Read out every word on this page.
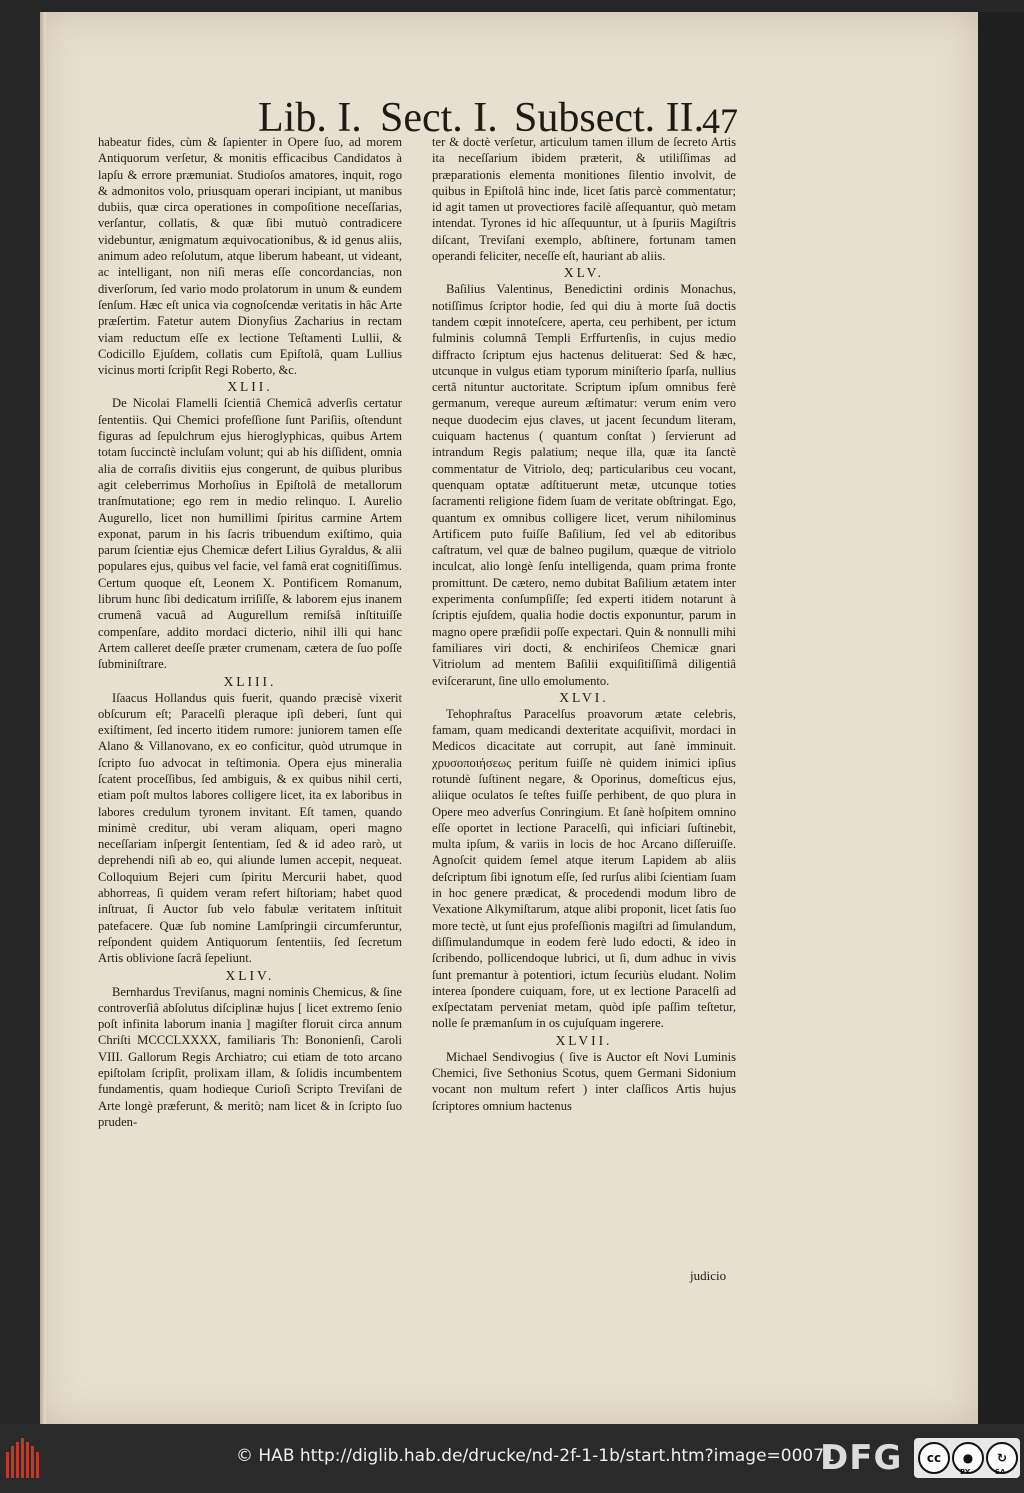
Lib. I. Sect. I. Subsect. II.
47

habeatur fides, cùm & ſapienter in Opere ſuo, ad morem Antiquorum verſetur, & monitis efficacibus Candidatos à lapſu & errore præmuniat. Studioſos amatores, inquit, rogo & admonitos volo, priusquam operari incipiant, ut manibus dubiis, quæ circa operationes in compoſitione neceſſarias, verſantur, collatis, & quæ ſibi mutuò contradicere videbuntur, ænigmatum æquivocationibus, & id genus aliis, animum adeo reſolutum, atque liberum habeant, ut videant, ac intelligant, non niſi meras eſſe concordancias, non diverſorum, ſed vario modo prolatorum in unum & eundem ſenſum. Hæc eſt unica via cognoſcendæ veritatis in hâc Arte præſertim. Fatetur autem Dionyſius Zacharius in rectam viam reductum eſſe ex lectione Teſtamenti Lullii, & Codicillo Ejuſdem, collatis cum Epiſtolâ, quam Lullius vicinus morti ſcripſit Regi Roberto, &c.

XLII.

De Nicolai Flamelli ſcientiâ Chemicâ adverſis certatur ſententiis. Qui Chemici profeſſione ſunt Pariſiis, oſtendunt figuras ad ſepulchrum ejus hieroglyphicas, quibus Artem totam ſuccinctè incluſam volunt; qui ab his diſſident, omnia alia de corraſis divitiis ejus congerunt, de quibus pluribus agit celeberrimus Morhoſius in Epiſtolâ de metallorum tranſmutatione; ego rem in medio relinquo. I. Aurelio Augurello, licet non humillimi ſpiritus carmine Artem exponat, parum in his ſacris tribuendum exiſtimo, quia parum ſcientiæ ejus Chemicæ defert Lilius Gyraldus, & alii populares ejus, quibus vel facie, vel famâ erat cognitiſſimus. Certum quoque eſt, Leonem X. Pontificem Romanum, librum hunc ſibi dedicatum irriſiſſe, & laborem ejus inanem crumenâ vacuâ ad Augurellum remiſsâ inſtituiſſe compenſare, addito mordaci dicterio, nihil illi qui hanc Artem calleret deeſſe præter crumenam, cætera de ſuo poſſe ſubminiſtrare.

XLIII.

Iſaacus Hollandus quis fuerit, quando præcisè vixerit obſcurum eſt; Paracelſi pleraque ipſi deberi, ſunt qui exiſtiment, ſed incerto itidem rumore: juniorem tamen eſſe Alano & Villanovano, ex eo conficitur, quòd utrumque in ſcripto ſuo advocat in teſtimonia. Opera ejus mineralia ſcatent proceſſibus, ſed ambiguis, & ex quibus nihil certi, etiam poſt multos labores colligere licet, ita ex laboribus in labores credulum tyronem invitant. Eſt tamen, quando minimè creditur, ubi veram aliquam, operi magno neceſſariam inſpergit ſententiam, ſed & id adeo rarò, ut deprehendi niſi ab eo, qui aliunde lumen accepit, nequeat. Colloquium Bejeri cum ſpiritu Mercurii habet, quod abhorreas, ſi quidem veram refert hiſtoriam; habet quod inſtruat, ſi Auctor ſub velo fabulæ veritatem inſtituit patefacere. Quæ ſub nomine Lamſpringii circumferuntur, reſpondent quidem Antiquorum ſententiis, ſed ſecretum Artis oblivione ſacrâ ſepeliunt.

XLIV.

Bernhardus Treviſanus, magni nominis Chemicus, & ſine controverſiâ abſolutus diſciplinæ hujus [ licet extremo ſenio poſt infinita laborum inania ] magiſter floruit circa annum Chriſti MCCCLXXXX, familiaris Th: Bononienſi, Caroli VIII. Gallorum Regis Archiatro; cui etiam de toto arcano epiſtolam ſcripſit, prolixam illam, & ſolidis incumbentem fundamentis, quam hodieque Curioſi Scripto Treviſani de Arte longè præferunt, & meritò; nam licet & in ſcripto ſuo pruden-

ter & doctè verſetur, articulum tamen illum de ſecreto Artis ita neceſſarium ibidem præterit, & utiliſſimas ad præparationis elementa monitiones ſilentio involvit, de quibus in Epiſtolâ hinc inde, licet ſatis parcè commentatur; id agit tamen ut provectiores facilè aſſequantur, quò metam intendat. Tyrones id hic aſſequuntur, ut à ſpuriis Magiſtris diſcant, Treviſani exemplo, abſtinere, fortunam tamen operandi feliciter, neceſſe eſt, hauriant ab aliis.

XLV.

Baſilius Valentinus, Benedictini ordinis Monachus, notiſſimus ſcriptor hodie, ſed qui diu à morte ſuâ doctis tandem cœpit innoteſcere, aperta, ceu perhibent, per ictum fulminis columnâ Templi Erffurtenſis, in cujus medio diffracto ſcriptum ejus hactenus delituerat: Sed & hæc, utcunque in vulgus etiam typorum miniſterio ſparſa, nullius certâ nituntur auctoritate. Scriptum ipſum omnibus ferè germanum, vereque aureum æſtimatur: verum enim vero neque duodecim ejus claves, ut jacent ſecundum literam, cuiquam hactenus ( quantum conſtat ) ſervierunt ad intrandum Regis palatium; neque illa, quæ ita ſanctè commentatur de Vitriolo, deq; particularibus ceu vocant, quenquam optatæ adſtituerunt metæ, utcunque toties ſacramenti religione fidem ſuam de veritate obſtringat. Ego, quantum ex omnibus colligere licet, verum nihilominus Artificem puto fuiſſe Baſilium, ſed vel ab editoribus caſtratum, vel quæ de balneo pugilum, quæque de vitriolo inculcat, alio longè ſenſu intelligenda, quam prima fronte promittunt. De cætero, nemo dubitat Baſilium ætatem inter experimenta conſumpſiſſe; ſed experti itidem notarunt à ſcriptis ejuſdem, qualia hodie doctis exponuntur, parum in magno opere præſidii poſſe expectari. Quin & nonnulli mihi familiares viri docti, & enchiriſeos Chemicæ gnari Vitriolum ad mentem Baſilii exquiſitiſſimâ diligentiâ eviſcerarunt, ſine ullo emolumento.

XLVI.

Tehophraſtus Paracelſus proavorum ætate celebris, famam, quam medicandi dexteritate acquiſivit, mordaci in Medicos dicacitate aut corrupit, aut ſanè imminuit. χρυσοποιήσεως peritum fuiſſe nè quidem inimici ipſius rotundè ſuſtinent negare, & Oporinus, domeſticus ejus, aliique oculatos ſe teſtes fuiſſe perhibent, de quo plura in Opere meo adverſus Conringium. Et ſanè hoſpitem omnino eſſe oportet in lectione Paracelſi, qui inficiari ſuſtinebit, multa ipſum, & variis in locis de hoc Arcano diſſeruiſſe. Agnoſcit quidem ſemel atque iterum Lapidem ab aliis deſcriptum ſibi ignotum eſſe, ſed rurſus alibi ſcientiam ſuam in hoc genere prædicat, & procedendi modum libro de Vexatione Alkymiſtarum, atque alibi proponit, licet ſatis ſuo more tectè, ut ſunt ejus profeſſionis magiſtri ad ſimulandum, diſſimulandumque in eodem ferè ludo edocti, & ideo in ſcribendo, pollicendoque lubrici, ut ſi, dum adhuc in vivis ſunt premantur à potentiori, ictum ſecuriùs eludant. Nolim interea ſpondere cuiquam, fore, ut ex lectione Paracelſi ad exſpectatam perveniat metam, quòd ipſe paſſim teſtetur, nolle ſe præmanſum in os cujuſquam ingerere.

XLVII.

Michael Sendivogius ( ſive is Auctor eſt Novi Luminis Chemici, ſive Sethonius Scotus, quem Germani Sidonium vocant non multum refert ) inter claſſicos Artis hujus ſcriptores omnium hactenus

judicio
© HAB http://diglib.hab.de/drucke/nd-2f-1-1b/start.htm?image=00071
DFG	cc	●	↻
BY	SA
